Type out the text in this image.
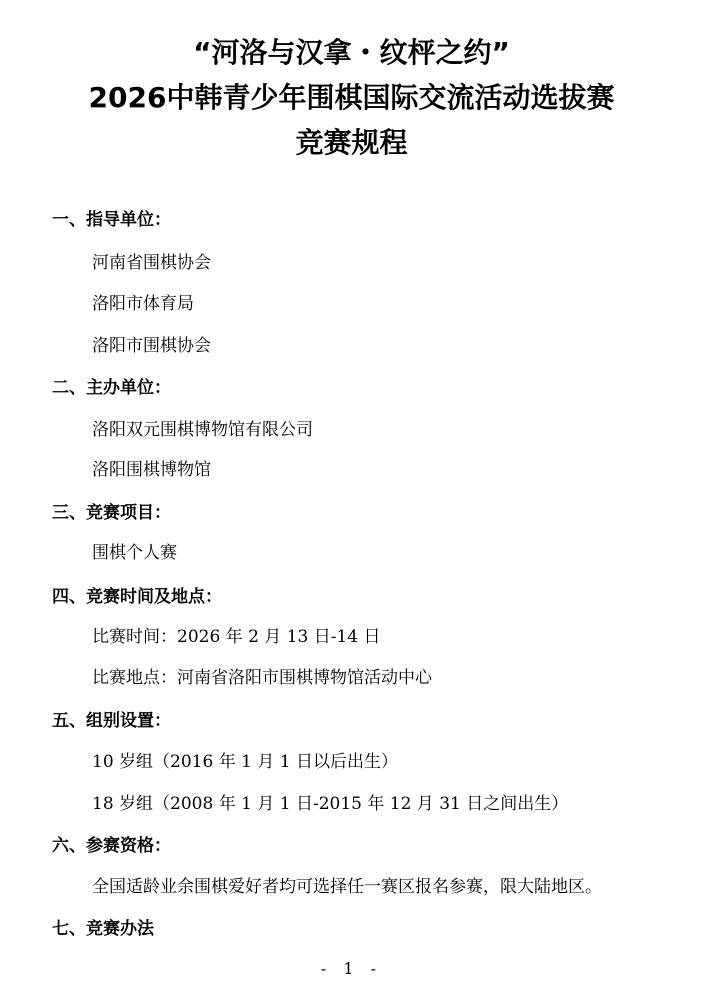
“河洛与汉拿・纹枰之约”
2026中韩青少年围棋国际交流活动选拔赛
竞赛规程
一、指导单位：
河南省围棋协会
洛阳市体育局
洛阳市围棋协会
二、主办单位：
洛阳双元围棋博物馆有限公司
洛阳围棋博物馆
三、竞赛项目：
围棋个人赛
四、竞赛时间及地点：
比赛时间：2026 年 2 月 13 日-14 日
比赛地点：河南省洛阳市围棋博物馆活动中心
五、组别设置：
10 岁组（2016 年 1 月 1 日以后出生）
18 岁组（2008 年 1 月 1 日-2015 年 12 月 31 日之间出生）
六、参赛资格：
全国适龄业余围棋爱好者均可选择任一赛区报名参赛，限大陆地区。
七、竞赛办法
- 1 -
